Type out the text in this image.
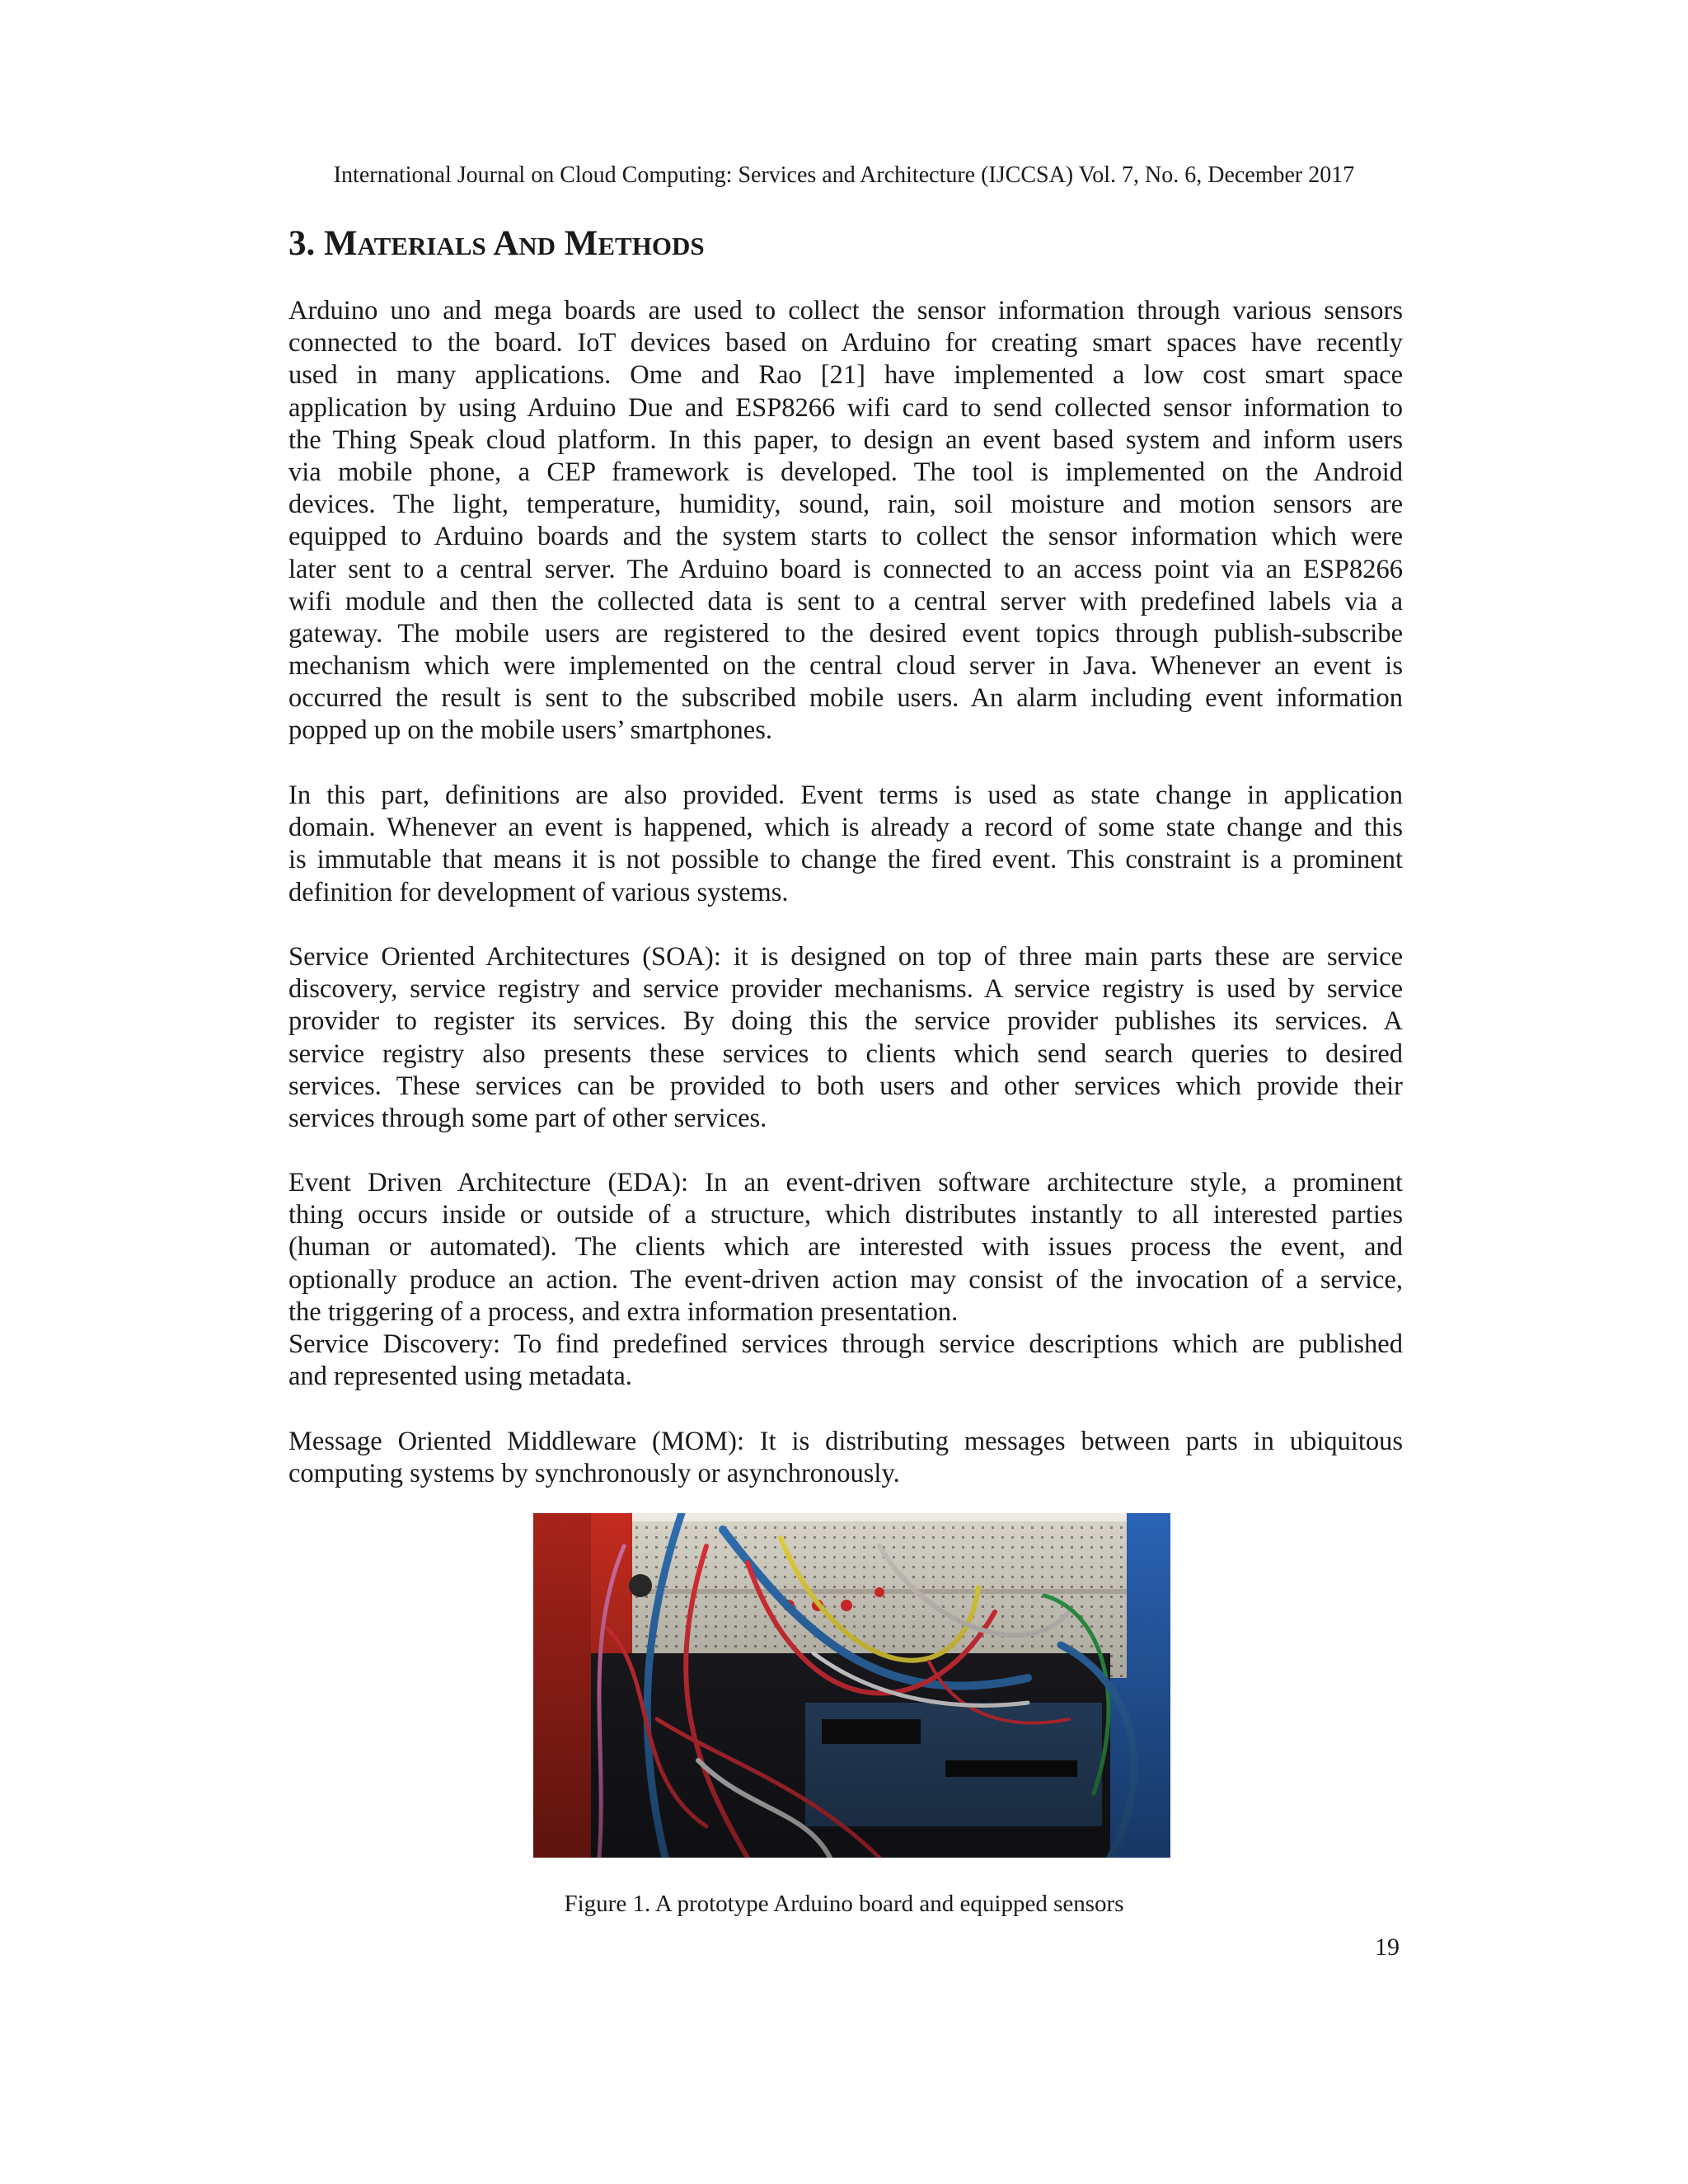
International Journal on Cloud Computing: Services and Architecture (IJCCSA) Vol. 7, No. 6, December 2017
3. MATERIALS AND METHODS
Arduino uno and mega boards are used to collect the sensor information through various sensors
connected to the board. IoT devices based on Arduino for creating smart spaces have recently
used in many applications. Ome and Rao [21] have implemented a low cost smart space
application by using Arduino Due and ESP8266 wifi card to send collected sensor information to
the Thing Speak cloud platform. In this paper, to design an event based system and inform users
via mobile phone, a CEP framework is developed. The tool is implemented on the Android
devices. The light, temperature, humidity, sound, rain, soil moisture and motion sensors are
equipped to Arduino boards and the system starts to collect the sensor information which were
later sent to a central server. The Arduino board is connected to an access point via an ESP8266
wifi module and then the collected data is sent to a central server with predefined labels via a
gateway. The mobile users are registered to the desired event topics through publish-subscribe
mechanism which were implemented on the central cloud server in Java. Whenever an event is
occurred the result is sent to the subscribed mobile users. An alarm including event information
popped up on the mobile users’ smartphones.
In this part, definitions are also provided. Event terms is used as state change in application
domain. Whenever an event is happened, which is already a record of some state change and this
is immutable that means it is not possible to change the fired event. This constraint is a prominent
definition for development of various systems.
Service Oriented Architectures (SOA): it is designed on top of three main parts these are service
discovery, service registry and service provider mechanisms. A service registry is used by service
provider to register its services. By doing this the service provider publishes its services. A
service registry also presents these services to clients which send search queries to desired
services. These services can be provided to both users and other services which provide their
services through some part of other services.
Event Driven Architecture (EDA): In an event-driven software architecture style, a prominent
thing occurs inside or outside of a structure, which distributes instantly to all interested parties
(human or automated). The clients which are interested with issues process the event, and
optionally produce an action. The event-driven action may consist of the invocation of a service,
the triggering of a process, and extra information presentation.
Service Discovery: To find predefined services through service descriptions which are published
and represented using metadata.
Message Oriented Middleware (MOM): It is distributing messages between parts in ubiquitous
computing systems by synchronously or asynchronously.
Figure 1. A prototype Arduino board and equipped sensors
19
